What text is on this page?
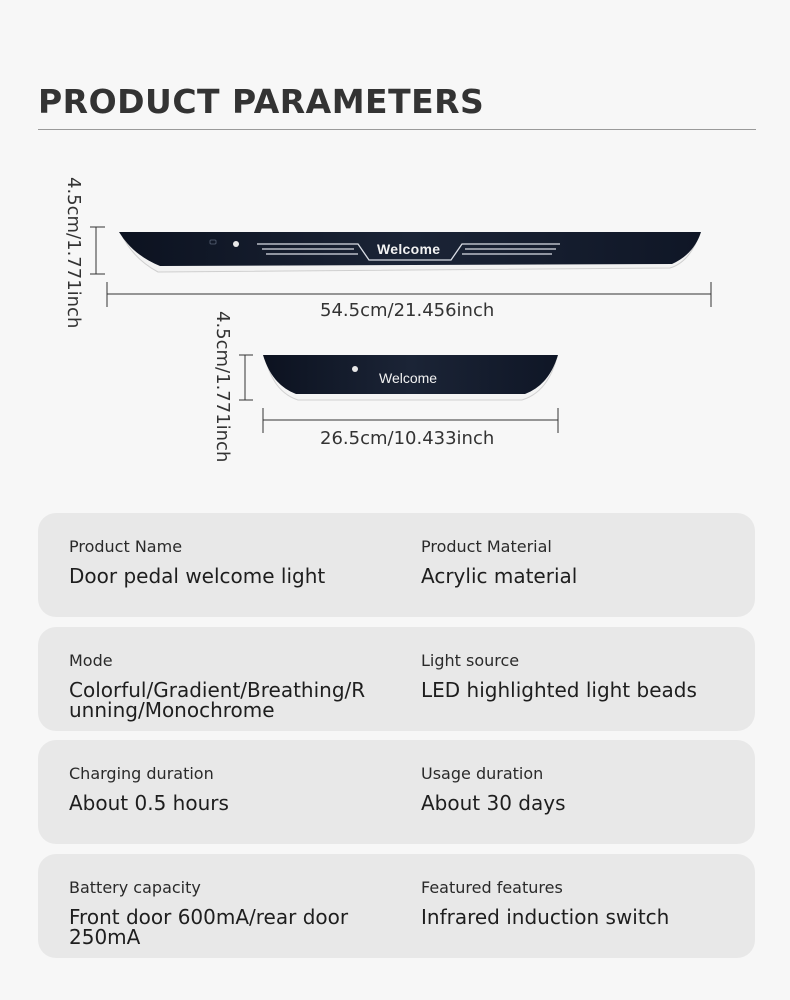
PRODUCT PARAMETERS
Welcome
Welcome
4.5cm/1.771inch	54.5cm/21.456inch
4.5cm/1.771inch	26.5cm/10.433inch
Product Name
Door pedal welcome light
Product Material
Acrylic material
Mode
Colorful/Gradient/Breathing/Running/Monochrome
Light source
LED highlighted light beads
Charging duration
About 0.5 hours
Usage duration
About 30 days
Battery capacity
Front door 600mA/rear door 250mA
Featured features
Infrared induction switch
